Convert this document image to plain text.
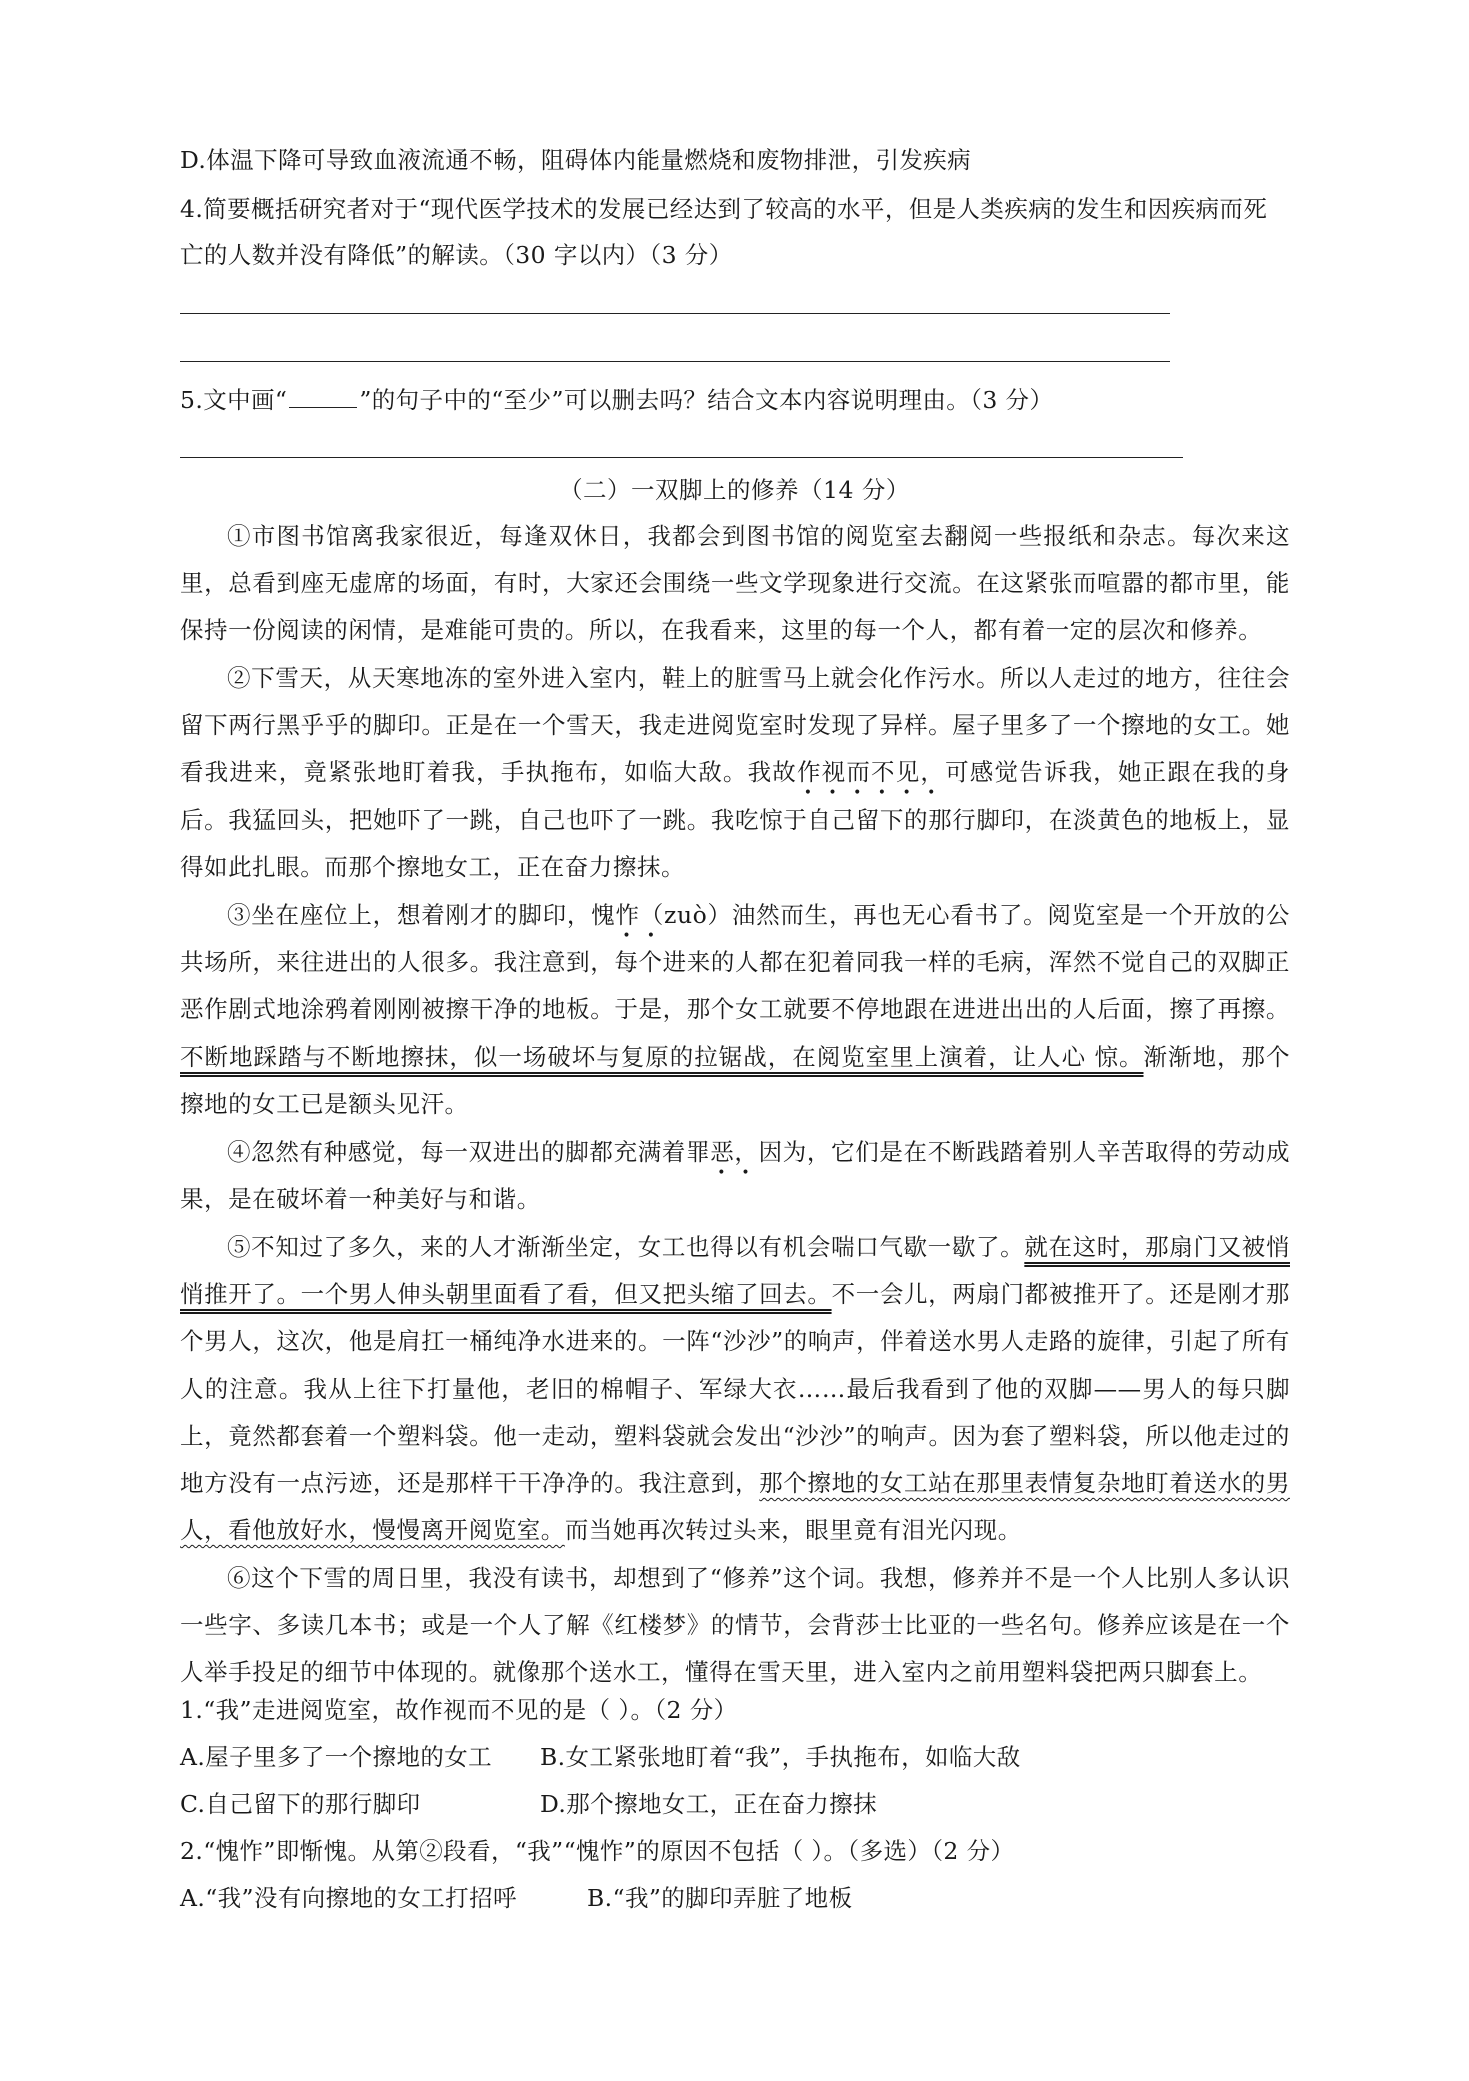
D.体温下降可导致血液流通不畅，阻碍体内能量燃烧和废物排泄，引发疾病
4.简要概括研究者对于“现代医学技术的发展已经达到了较高的水平，但是人类疾病的发生和因疾病而死
亡的人数并没有降低”的解读。（30 字以内）（3 分）
5.文中画“	”的句子中的“至少”可以删去吗？结合文本内容说明理由。（3 分）
（二）一双脚上的修养（14 分）
①市图书馆离我家很近，每逢双休日，我都会到图书馆的阅览室去翻阅一些报纸和杂志。每次来这里，总看到座无虚席的场面，有时，大家还会围绕一些文学现象进行交流。在这紧张而喧嚣的都市里，能保持一份阅读的闲情，是难能可贵的。所以，在我看来，这里的每一个人，都有着一定的层次和修养。
②下雪天，从天寒地冻的室外进入室内，鞋上的脏雪马上就会化作污水。所以人走过的地方，往往会留下两行黑乎乎的脚印。正是在一个雪天，我走进阅览室时发现了异样。屋子里多了一个擦地的女工。她看我进来，竟紧张地盯着我，手执拖布，如临大敌。我故作视而不见，可感觉告诉我，她正跟在我的身后。我猛回头，把她吓了一跳，自己也吓了一跳。我吃惊于自己留下的那行脚印，在淡黄色的地板上，显得如此扎眼。而那个擦地女工，正在奋力擦抹。
③坐在座位上，想着刚才的脚印，愧怍（zuò）油然而生，再也无心看书了。阅览室是一个开放的公共场所，来往进出的人很多。我注意到，每个进来的人都在犯着同我一样的毛病，浑然不觉自己的双脚正恶作剧式地涂鸦着刚刚被擦干净的地板。于是，那个女工就要不停地跟在进进出出的人后面，擦了再擦。不断地踩踏与不断地擦抹，似一场破坏与复原的拉锯战，在阅览室里上演着，让人心 惊。渐渐地，那个擦地的女工已是额头见汗。
④忽然有种感觉，每一双进出的脚都充满着罪恶，因为，它们是在不断践踏着别人辛苦取得的劳动成果，是在破坏着一种美好与和谐。
⑤不知过了多久，来的人才渐渐坐定，女工也得以有机会喘口气歇一歇了。就在这时，那扇门又被悄悄推开了。一个男人伸头朝里面看了看，但又把头缩了回去。不一会儿，两扇门都被推开了。还是刚才那个男人，这次，他是肩扛一桶纯净水进来的。一阵“沙沙”的响声，伴着送水男人走路的旋律，引起了所有人的注意。我从上往下打量他，老旧的棉帽子、军绿大衣……最后我看到了他的双脚——男人的每只脚上，竟然都套着一个塑料袋。他一走动，塑料袋就会发出“沙沙”的响声。因为套了塑料袋，所以他走过的地方没有一点污迹，还是那样干干净净的。我注意到，那个擦地的女工站在那里表情复杂地盯着送水的男人，看他放好水，慢慢离开阅览室。而当她再次转过头来，眼里竟有泪光闪现。
⑥这个下雪的周日里，我没有读书，却想到了“修养”这个词。我想，修养并不是一个人比别人多认识一些字、多读几本书；或是一个人了解《红楼梦》的情节，会背莎士比亚的一些名句。修养应该是在一个人举手投足的细节中体现的。就像那个送水工，懂得在雪天里，进入室内之前用塑料袋把两只脚套上。
1.“我”走进阅览室，故作视而不见的是（ ）。（2 分）
A.屋子里多了一个擦地的女工 B.女工紧张地盯着“我”，手执拖布，如临大敌
C.自己留下的那行脚印	D.那个擦地女工，正在奋力擦抹
2.“愧怍”即惭愧。从第②段看，“我”“愧怍”的原因不包括（ ）。（多选）（2 分）
A.“我”没有向擦地的女工打招呼	B.“我”的脚印弄脏了地板
